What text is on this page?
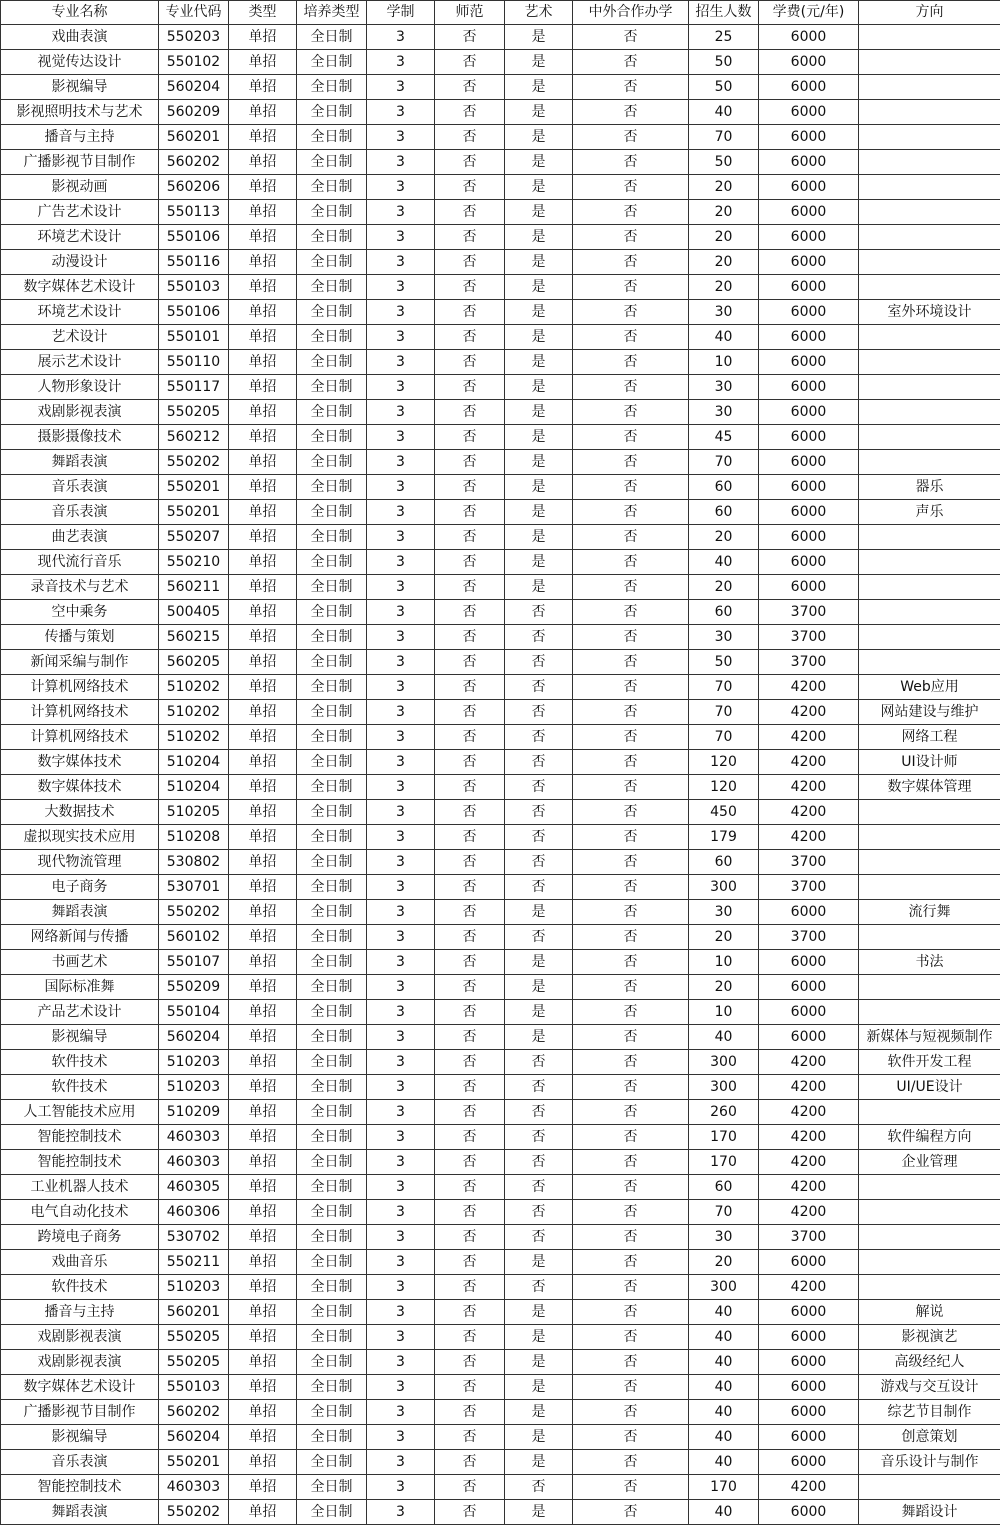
专业名称	专业代码	类型	培养类型	学制	师范	艺术	中外合作办学	招生人数	学费(元/年)	方向
戏曲表演	550203	单招	全日制	3	否	是	否	25	6000	
视觉传达设计	550102	单招	全日制	3	否	是	否	50	6000	
影视编导	560204	单招	全日制	3	否	是	否	50	6000	
影视照明技术与艺术	560209	单招	全日制	3	否	是	否	40	6000	
播音与主持	560201	单招	全日制	3	否	是	否	70	6000	
广播影视节目制作	560202	单招	全日制	3	否	是	否	50	6000	
影视动画	560206	单招	全日制	3	否	是	否	20	6000	
广告艺术设计	550113	单招	全日制	3	否	是	否	20	6000	
环境艺术设计	550106	单招	全日制	3	否	是	否	20	6000	
动漫设计	550116	单招	全日制	3	否	是	否	20	6000	
数字媒体艺术设计	550103	单招	全日制	3	否	是	否	20	6000	
环境艺术设计	550106	单招	全日制	3	否	是	否	30	6000	室外环境设计
艺术设计	550101	单招	全日制	3	否	是	否	40	6000	
展示艺术设计	550110	单招	全日制	3	否	是	否	10	6000	
人物形象设计	550117	单招	全日制	3	否	是	否	30	6000	
戏剧影视表演	550205	单招	全日制	3	否	是	否	30	6000	
摄影摄像技术	560212	单招	全日制	3	否	是	否	45	6000	
舞蹈表演	550202	单招	全日制	3	否	是	否	70	6000	
音乐表演	550201	单招	全日制	3	否	是	否	60	6000	器乐
音乐表演	550201	单招	全日制	3	否	是	否	60	6000	声乐
曲艺表演	550207	单招	全日制	3	否	是	否	20	6000	
现代流行音乐	550210	单招	全日制	3	否	是	否	40	6000	
录音技术与艺术	560211	单招	全日制	3	否	是	否	20	6000	
空中乘务	500405	单招	全日制	3	否	否	否	60	3700	
传播与策划	560215	单招	全日制	3	否	否	否	30	3700	
新闻采编与制作	560205	单招	全日制	3	否	否	否	50	3700	
计算机网络技术	510202	单招	全日制	3	否	否	否	70	4200	Web应用
计算机网络技术	510202	单招	全日制	3	否	否	否	70	4200	网站建设与维护
计算机网络技术	510202	单招	全日制	3	否	否	否	70	4200	网络工程
数字媒体技术	510204	单招	全日制	3	否	否	否	120	4200	UI设计师
数字媒体技术	510204	单招	全日制	3	否	否	否	120	4200	数字媒体管理
大数据技术	510205	单招	全日制	3	否	否	否	450	4200	
虚拟现实技术应用	510208	单招	全日制	3	否	否	否	179	4200	
现代物流管理	530802	单招	全日制	3	否	否	否	60	3700	
电子商务	530701	单招	全日制	3	否	否	否	300	3700	
舞蹈表演	550202	单招	全日制	3	否	是	否	30	6000	流行舞
网络新闻与传播	560102	单招	全日制	3	否	否	否	20	3700	
书画艺术	550107	单招	全日制	3	否	是	否	10	6000	书法
国际标准舞	550209	单招	全日制	3	否	是	否	20	6000	
产品艺术设计	550104	单招	全日制	3	否	是	否	10	6000	
影视编导	560204	单招	全日制	3	否	是	否	40	6000	新媒体与短视频制作
软件技术	510203	单招	全日制	3	否	否	否	300	4200	软件开发工程
软件技术	510203	单招	全日制	3	否	否	否	300	4200	UI/UE设计
人工智能技术应用	510209	单招	全日制	3	否	否	否	260	4200	
智能控制技术	460303	单招	全日制	3	否	否	否	170	4200	软件编程方向
智能控制技术	460303	单招	全日制	3	否	否	否	170	4200	企业管理
工业机器人技术	460305	单招	全日制	3	否	否	否	60	4200	
电气自动化技术	460306	单招	全日制	3	否	否	否	70	4200	
跨境电子商务	530702	单招	全日制	3	否	否	否	30	3700	
戏曲音乐	550211	单招	全日制	3	否	是	否	20	6000	
软件技术	510203	单招	全日制	3	否	否	否	300	4200	
播音与主持	560201	单招	全日制	3	否	是	否	40	6000	解说
戏剧影视表演	550205	单招	全日制	3	否	是	否	40	6000	影视演艺
戏剧影视表演	550205	单招	全日制	3	否	是	否	40	6000	高级经纪人
数字媒体艺术设计	550103	单招	全日制	3	否	是	否	40	6000	游戏与交互设计
广播影视节目制作	560202	单招	全日制	3	否	是	否	40	6000	综艺节目制作
影视编导	560204	单招	全日制	3	否	是	否	40	6000	创意策划
音乐表演	550201	单招	全日制	3	否	是	否	40	6000	音乐设计与制作
智能控制技术	460303	单招	全日制	3	否	否	否	170	4200	
舞蹈表演	550202	单招	全日制	3	否	是	否	40	6000	舞蹈设计
